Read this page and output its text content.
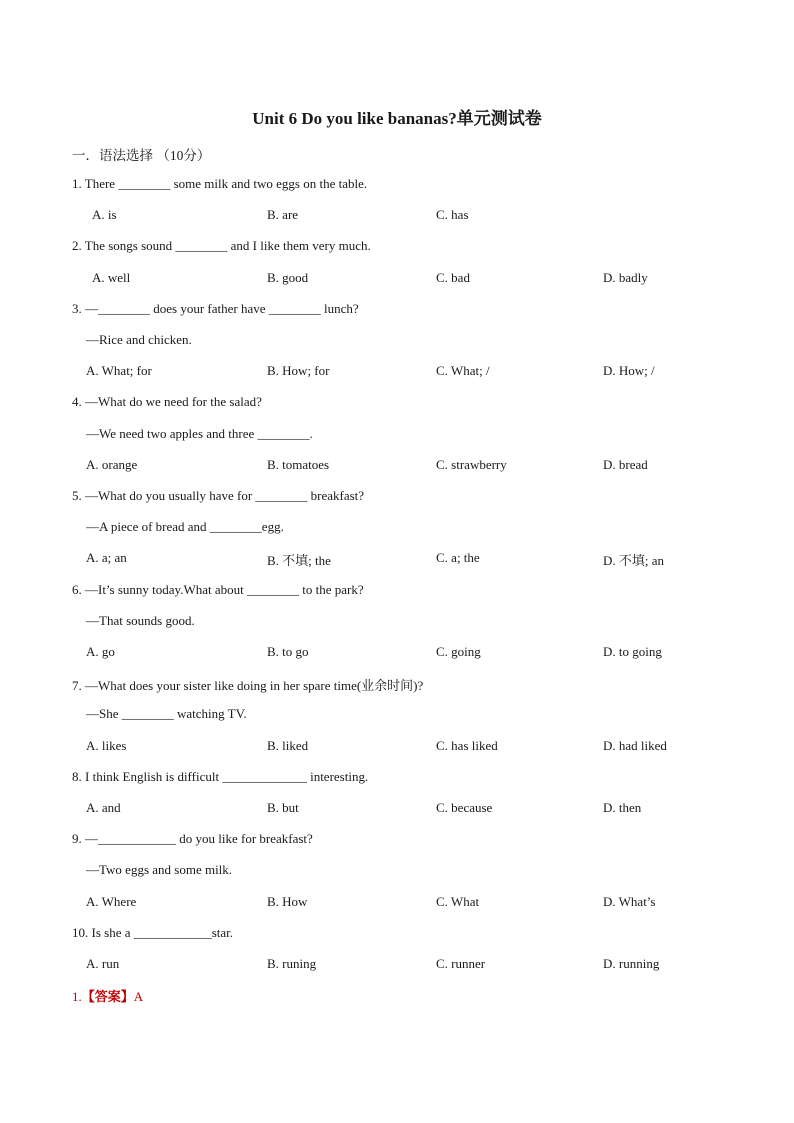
Unit 6 Do you like bananas?单元测试卷
一．语法选择 （10分）
1. There ________ some milk and two eggs on the table.
A. is	B. are	C. has
2. The songs sound ________ and I like them very much.
A. well	B. good	C. bad	D. badly
3. —________ does your father have ________ lunch?
—Rice and chicken.
A. What; for	B. How; for	C. What; /	D. How; /
4. —What do we need for the salad?
—We need two apples and three ________.
A. orange	B. tomatoes	C. strawberry	D. bread
5. —What do you usually have for ________ breakfast?
—A piece of bread and ________egg.
A. a; an	B. 不填; the	C. a; the	D. 不填; an
6. —It’s sunny today.What about ________ to the park?
—That sounds good.
A. go	B. to go	C. going	D. to going
7. —What does your sister like doing in her spare time(业余时间)?
—She ________ watching TV.
A. likes	B. liked	C. has liked	D. had liked
8. I think English is difficult _____________ interesting.
A. and	B. but	C. because	D. then
9. —____________ do you like for breakfast?
—Two eggs and some milk.
A. Where	B. How	C. What	D. What’s
10. Is she a ____________star.
A. run	B. runing	C. runner	D. running
1.【答案】A
